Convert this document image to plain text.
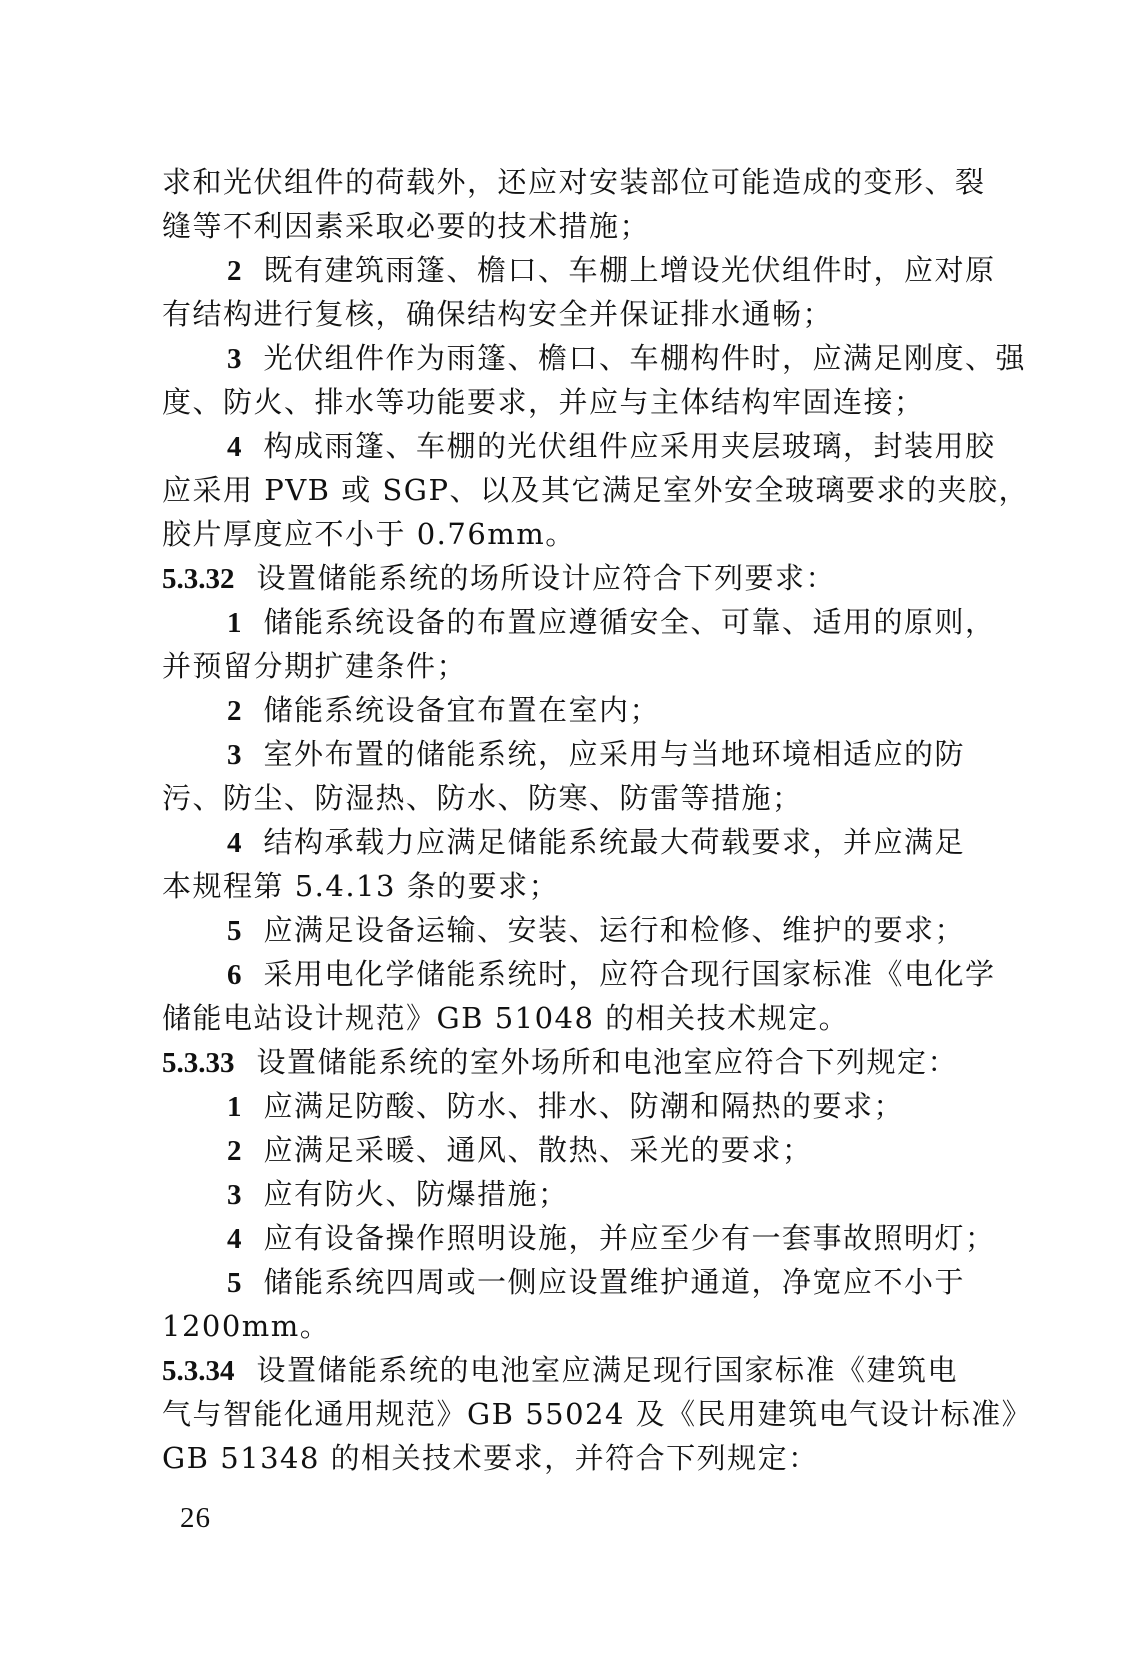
求和光伏组件的荷载外，还应对安装部位可能造成的变形、裂
缝等不利因素采取必要的技术措施；
2 既有建筑雨篷、檐口、车棚上增设光伏组件时，应对原
有结构进行复核，确保结构安全并保证排水通畅；
3 光伏组件作为雨篷、檐口、车棚构件时，应满足刚度、强
度、防火、排水等功能要求，并应与主体结构牢固连接；
4 构成雨篷、车棚的光伏组件应采用夹层玻璃，封装用胶
应采用 PVB 或 SGP、以及其它满足室外安全玻璃要求的夹胶，
胶片厚度应不小于 0.76mm。
5.3.32 设置储能系统的场所设计应符合下列要求：
1 储能系统设备的布置应遵循安全、可靠、适用的原则，
并预留分期扩建条件；
2 储能系统设备宜布置在室内；
3 室外布置的储能系统，应采用与当地环境相适应的防
污、防尘、防湿热、防水、防寒、防雷等措施；
4 结构承载力应满足储能系统最大荷载要求，并应满足
本规程第 5.4.13 条的要求；
5 应满足设备运输、安装、运行和检修、维护的要求；
6 采用电化学储能系统时，应符合现行国家标准《电化学
储能电站设计规范》GB 51048 的相关技术规定。
5.3.33 设置储能系统的室外场所和电池室应符合下列规定：
1 应满足防酸、防水、排水、防潮和隔热的要求；
2 应满足采暖、通风、散热、采光的要求；
3 应有防火、防爆措施；
4 应有设备操作照明设施，并应至少有一套事故照明灯；
5 储能系统四周或一侧应设置维护通道，净宽应不小于
1200mm。
5.3.34 设置储能系统的电池室应满足现行国家标准《建筑电
气与智能化通用规范》GB 55024 及《民用建筑电气设计标准》
GB 51348 的相关技术要求，并符合下列规定：
26
